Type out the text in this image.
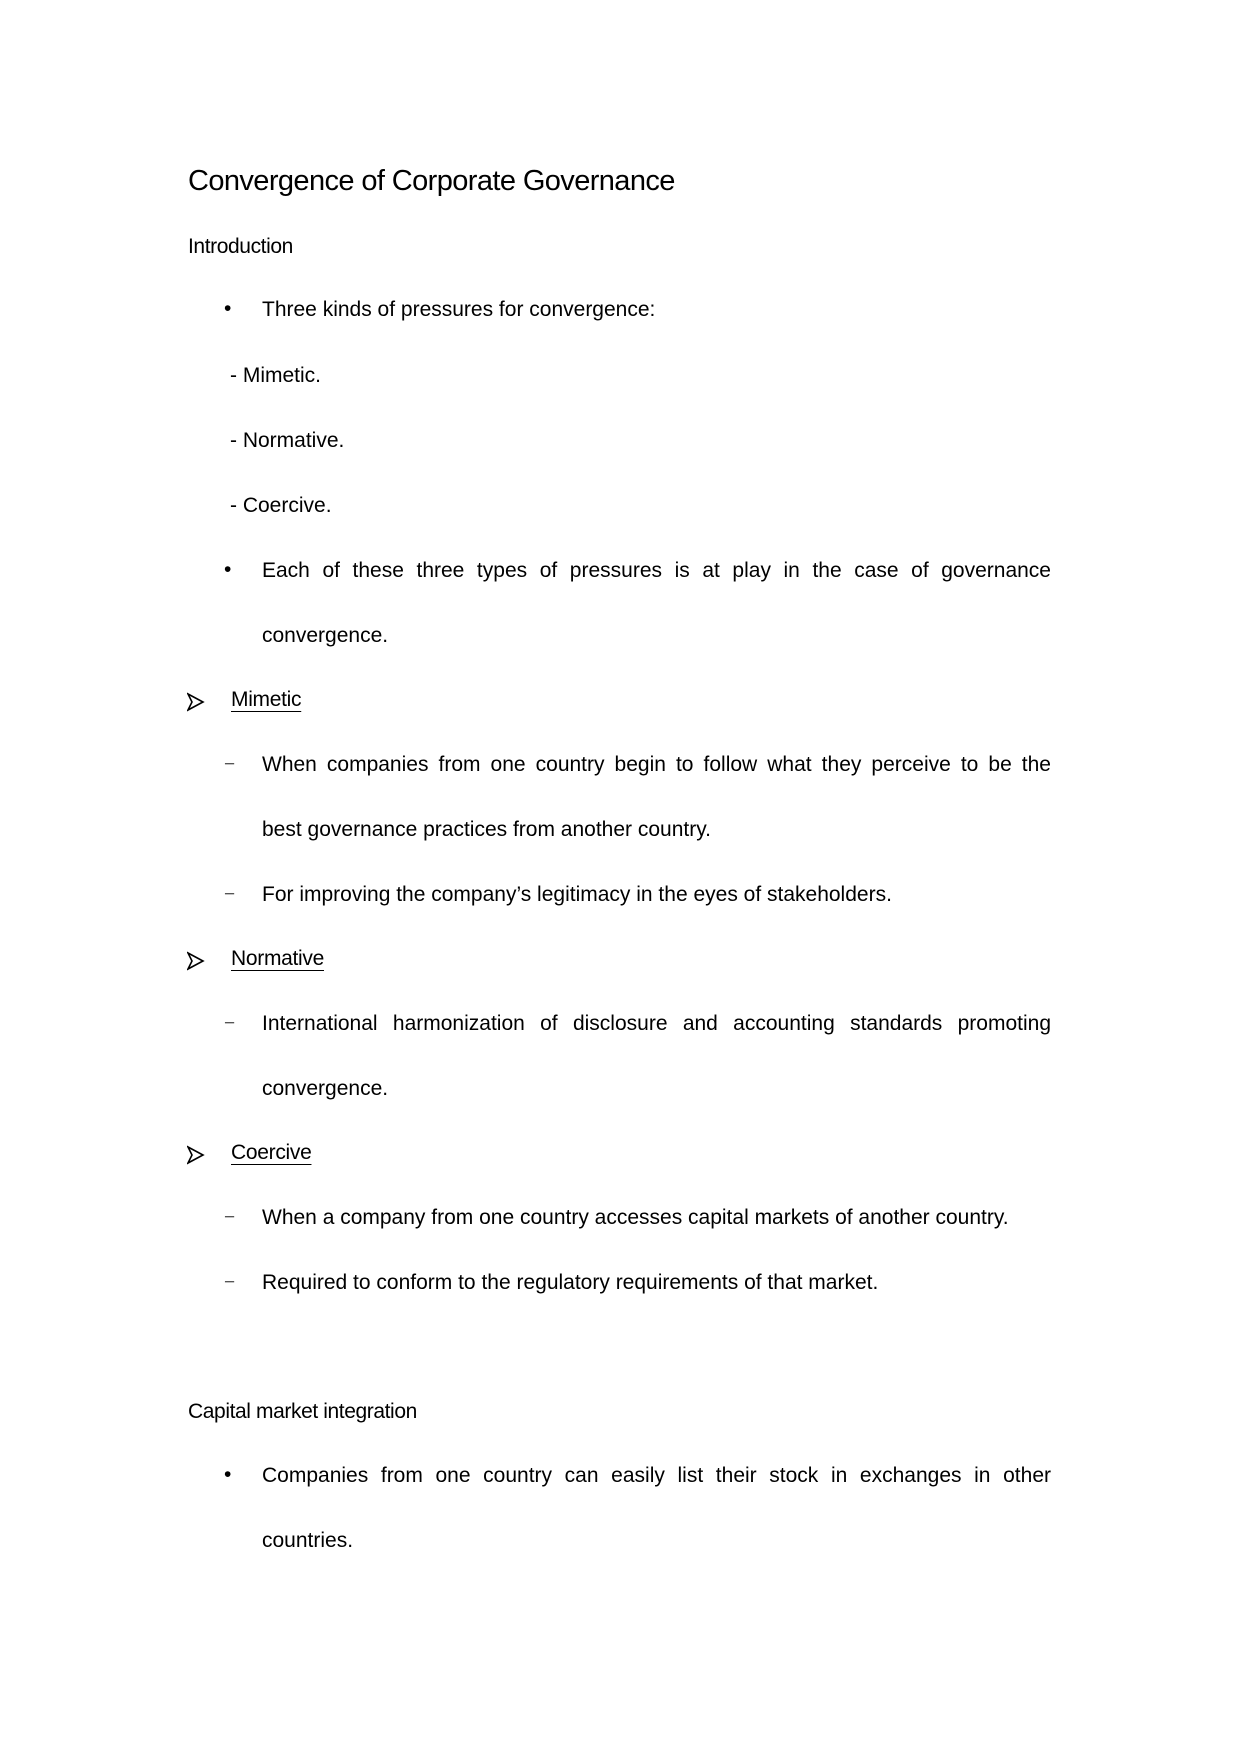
Convergence of Corporate Governance
Introduction
• Three kinds of pressures for convergence:
- Mimetic.
- Normative.
- Coercive.
• Each of these three types of pressures is at play in the case of governance
convergence.
Mimetic
− When companies from one country begin to follow what they perceive to be the
best governance practices from another country.
− For improving the company’s legitimacy in the eyes of stakeholders.
Normative
− International harmonization of disclosure and accounting standards promoting
convergence.
Coercive
− When a company from one country accesses capital markets of another country.
− Required to conform to the regulatory requirements of that market.
Capital market integration
• Companies from one country can easily list their stock in exchanges in other
countries.
